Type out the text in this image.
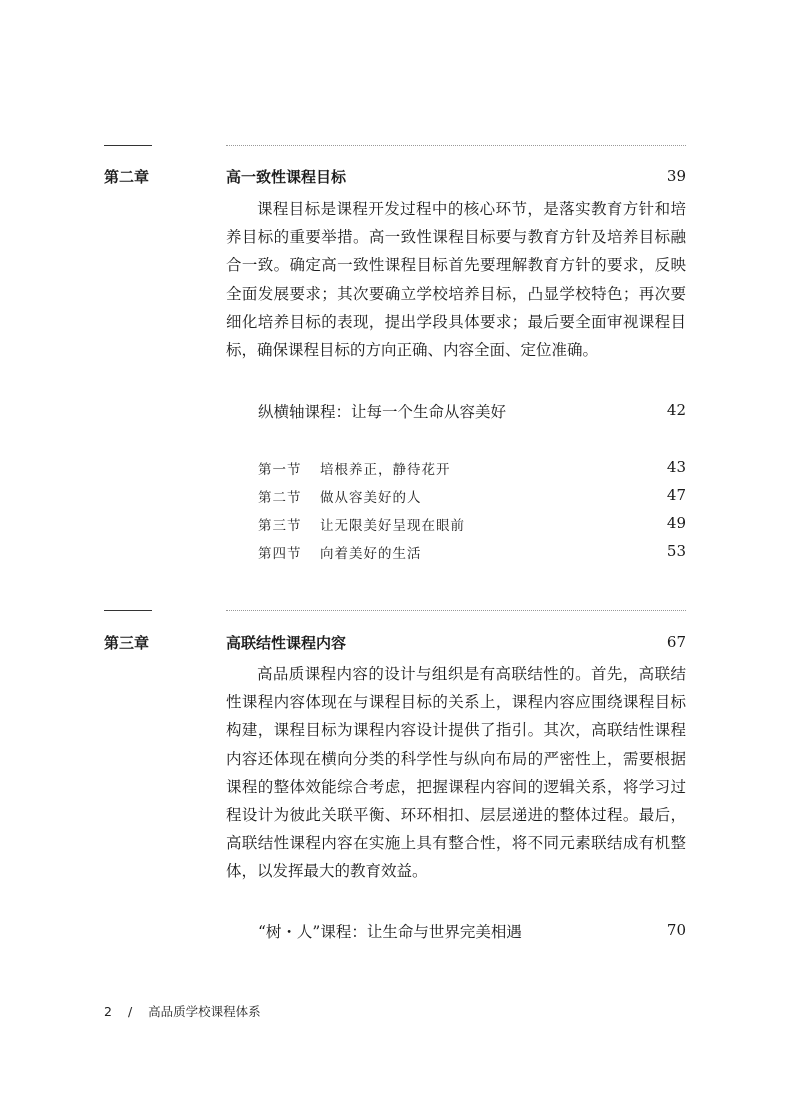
第二章	高一致性课程目标	39

课程目标是课程开发过程中的核心环节，是落实教育方针和培养目标的重要举措。高一致性课程目标要与教育方针及培养目标融合一致。确定高一致性课程目标首先要理解教育方针的要求，反映全面发展要求；其次要确立学校培养目标，凸显学校特色；再次要细化培养目标的表现，提出学段具体要求；最后要全面审视课程目标，确保课程目标的方向正确、内容全面、定位准确。

纵横轴课程：让每一个生命从容美好	42
第一节 培根养正，静待花开	43
第二节 做从容美好的人	47
第三节 让无限美好呈现在眼前	49
第四节 向着美好的生活	53
第三章	高联结性课程内容	67

高品质课程内容的设计与组织是有高联结性的。首先，高联结性课程内容体现在与课程目标的关系上，课程内容应围绕课程目标构建，课程目标为课程内容设计提供了指引。其次，高联结性课程内容还体现在横向分类的科学性与纵向布局的严密性上，需要根据课程的整体效能综合考虑，把握课程内容间的逻辑关系，将学习过程设计为彼此关联平衡、环环相扣、层层递进的整体过程。最后，高联结性课程内容在实施上具有整合性，将不同元素联结成有机整体，以发挥最大的教育效益。

“树・人”课程：让生命与世界完美相遇	70
2 / 高品质学校课程体系
